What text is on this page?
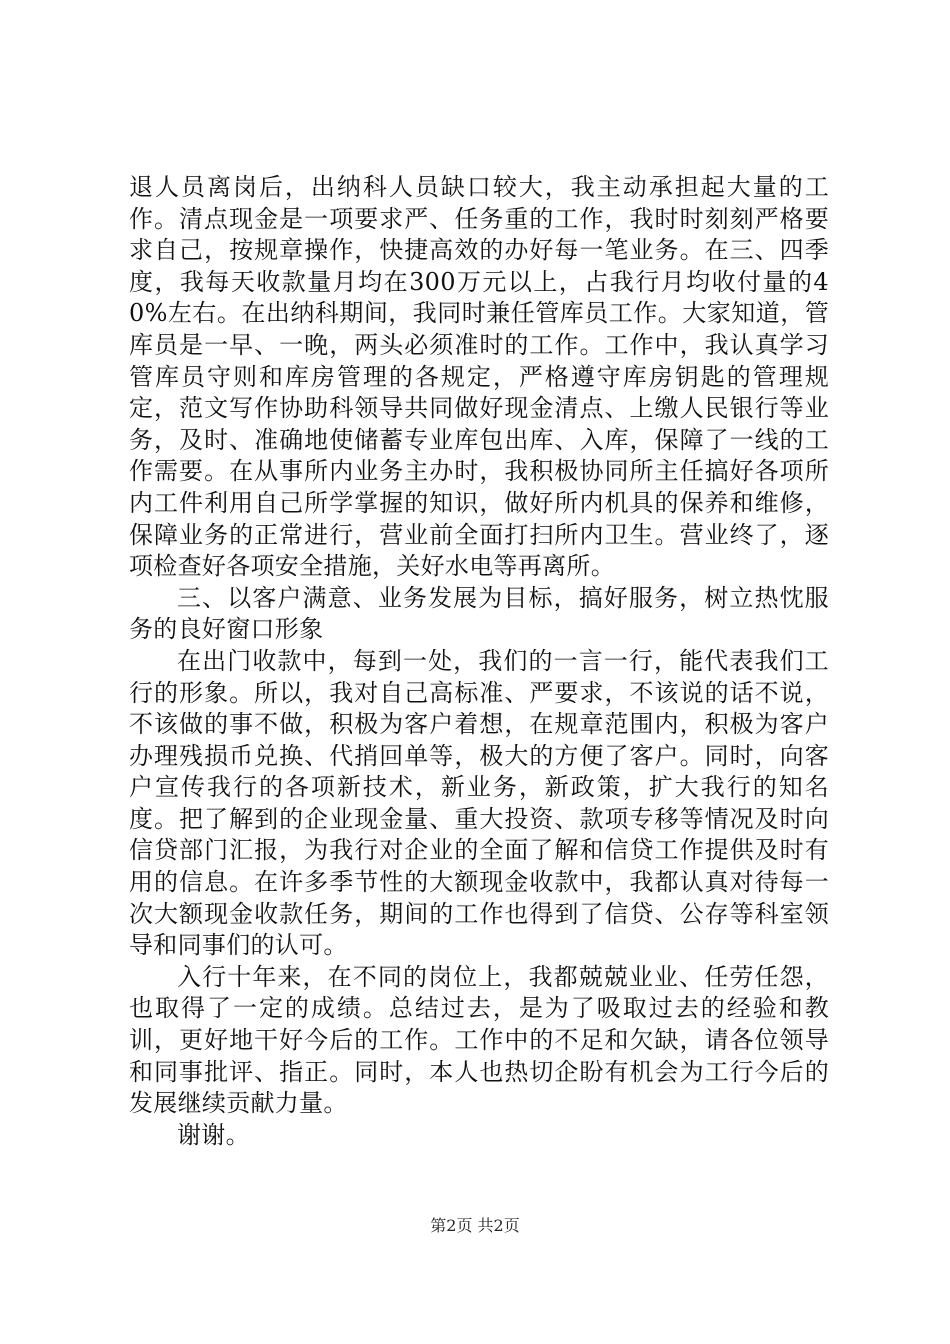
退人员离岗后，出纳科人员缺口较大，我主动承担起大量的工作。清点现金是一项要求严、任务重的工作，我时时刻刻严格要求自己，按规章操作，快捷高效的办好每一笔业务。在三、四季度，我每天收款量月均在300万元以上，占我行月均收付量的40%左右。在出纳科期间，我同时兼任管库员工作。大家知道，管库员是一早、一晚，两头必须准时的工作。工作中，我认真学习管库员守则和库房管理的各规定，严格遵守库房钥匙的管理规定，范文写作协助科领导共同做好现金清点、上缴人民银行等业务，及时、准确地使储蓄专业库包出库、入库，保障了一线的工作需要。在从事所内业务主办时，我积极协同所主任搞好各项所内工件利用自己所学掌握的知识，做好所内机具的保养和维修，保障业务的正常进行，营业前全面打扫所内卫生。营业终了，逐项检查好各项安全措施，关好水电等再离所。

三、以客户满意、业务发展为目标，搞好服务，树立热忱服务的良好窗口形象

在出门收款中，每到一处，我们的一言一行，能代表我们工行的形象。所以，我对自己高标准、严要求，不该说的话不说，不该做的事不做，积极为客户着想，在规章范围内，积极为客户办理残损币兑换、代捎回单等，极大的方便了客户。同时，向客户宣传我行的各项新技术，新业务，新政策，扩大我行的知名度。把了解到的企业现金量、重大投资、款项专移等情况及时向信贷部门汇报，为我行对企业的全面了解和信贷工作提供及时有用的信息。在许多季节性的大额现金收款中，我都认真对待每一次大额现金收款任务，期间的工作也得到了信贷、公存等科室领导和同事们的认可。

入行十年来，在不同的岗位上，我都兢兢业业、任劳任怨，也取得了一定的成绩。总结过去，是为了吸取过去的经验和教训，更好地干好今后的工作。工作中的不足和欠缺，请各位领导和同事批评、指正。同时，本人也热切企盼有机会为工行今后的发展继续贡献力量。

谢谢。

第2页 共2页
